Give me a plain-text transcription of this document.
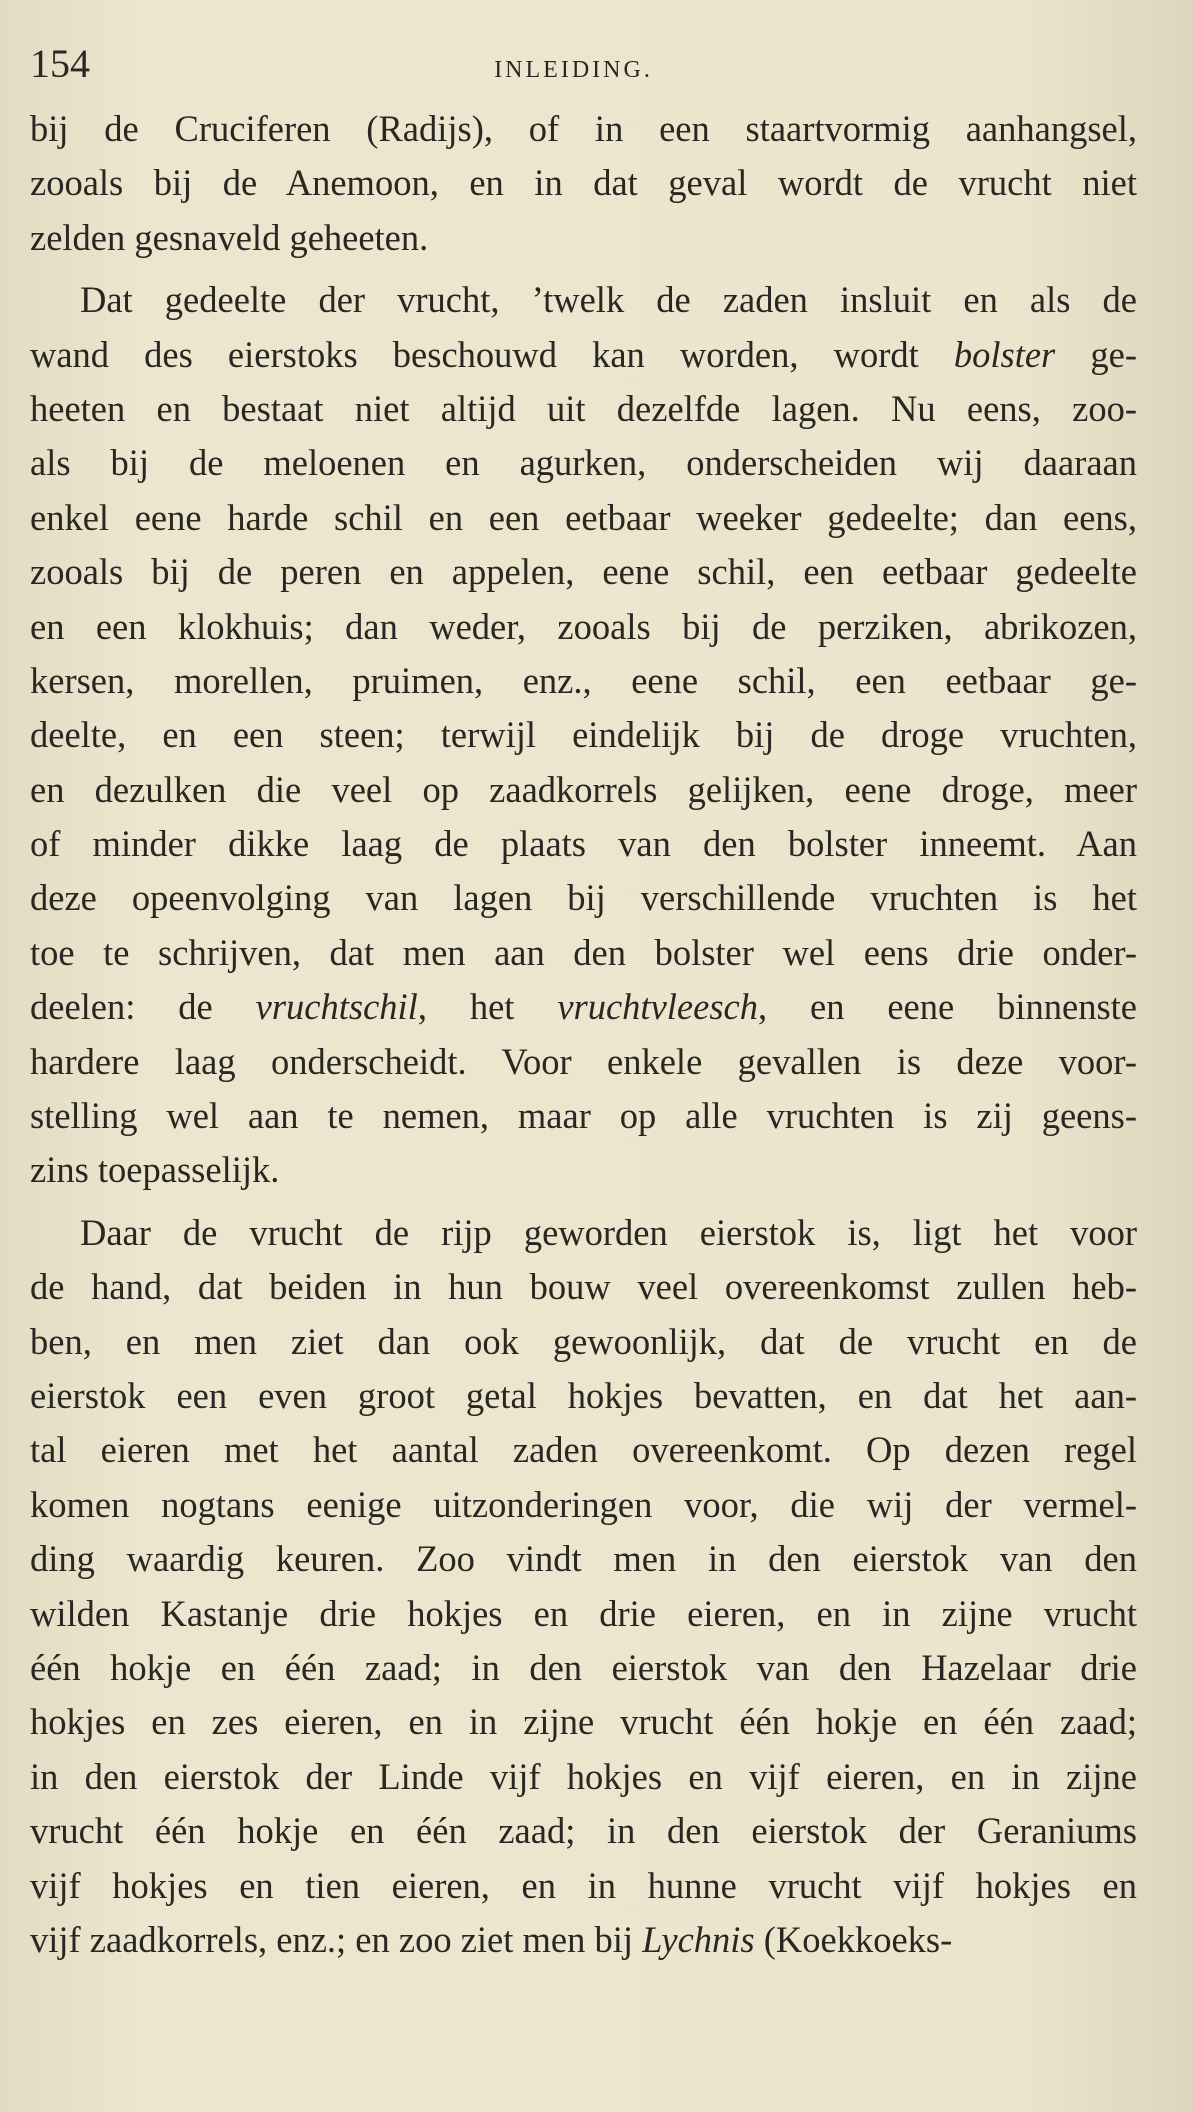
154	INLEIDING.
bij de Cruciferen (Radijs), of in een staartvormig aanhangsel,
zooals bij de Anemoon, en in dat geval wordt de vrucht niet
zelden gesnaveld geheeten.
Dat gedeelte der vrucht, ’twelk de zaden insluit en als de
wand des eierstoks beschouwd kan worden, wordt bolster ge-
heeten en bestaat niet altijd uit dezelfde lagen. Nu eens, zoo-
als bij de meloenen en agurken, onderscheiden wij daaraan
enkel eene harde schil en een eetbaar weeker gedeelte; dan eens,
zooals bij de peren en appelen, eene schil, een eetbaar gedeelte
en een klokhuis; dan weder, zooals bij de perziken, abrikozen,
kersen, morellen, pruimen, enz., eene schil, een eetbaar ge-
deelte, en een steen; terwijl eindelijk bij de droge vruchten,
en dezulken die veel op zaadkorrels gelijken, eene droge, meer
of minder dikke laag de plaats van den bolster inneemt. Aan
deze opeenvolging van lagen bij verschillende vruchten is het
toe te schrijven, dat men aan den bolster wel eens drie onder-
deelen: de vruchtschil, het vruchtvleesch, en eene binnenste
hardere laag onderscheidt. Voor enkele gevallen is deze voor-
stelling wel aan te nemen, maar op alle vruchten is zij geens-
zins toepasselijk.
Daar de vrucht de rijp geworden eierstok is, ligt het voor
de hand, dat beiden in hun bouw veel overeenkomst zullen heb-
ben, en men ziet dan ook gewoonlijk, dat de vrucht en de
eierstok een even groot getal hokjes bevatten, en dat het aan-
tal eieren met het aantal zaden overeenkomt. Op dezen regel
komen nogtans eenige uitzonderingen voor, die wij der vermel-
ding waardig keuren. Zoo vindt men in den eierstok van den
wilden Kastanje drie hokjes en drie eieren, en in zijne vrucht
één hokje en één zaad; in den eierstok van den Hazelaar drie
hokjes en zes eieren, en in zijne vrucht één hokje en één zaad;
in den eierstok der Linde vijf hokjes en vijf eieren, en in zijne
vrucht één hokje en één zaad; in den eierstok der Geraniums
vijf hokjes en tien eieren, en in hunne vrucht vijf hokjes en
vijf zaadkorrels, enz.; en zoo ziet men bij Lychnis (Koekkoeks-
